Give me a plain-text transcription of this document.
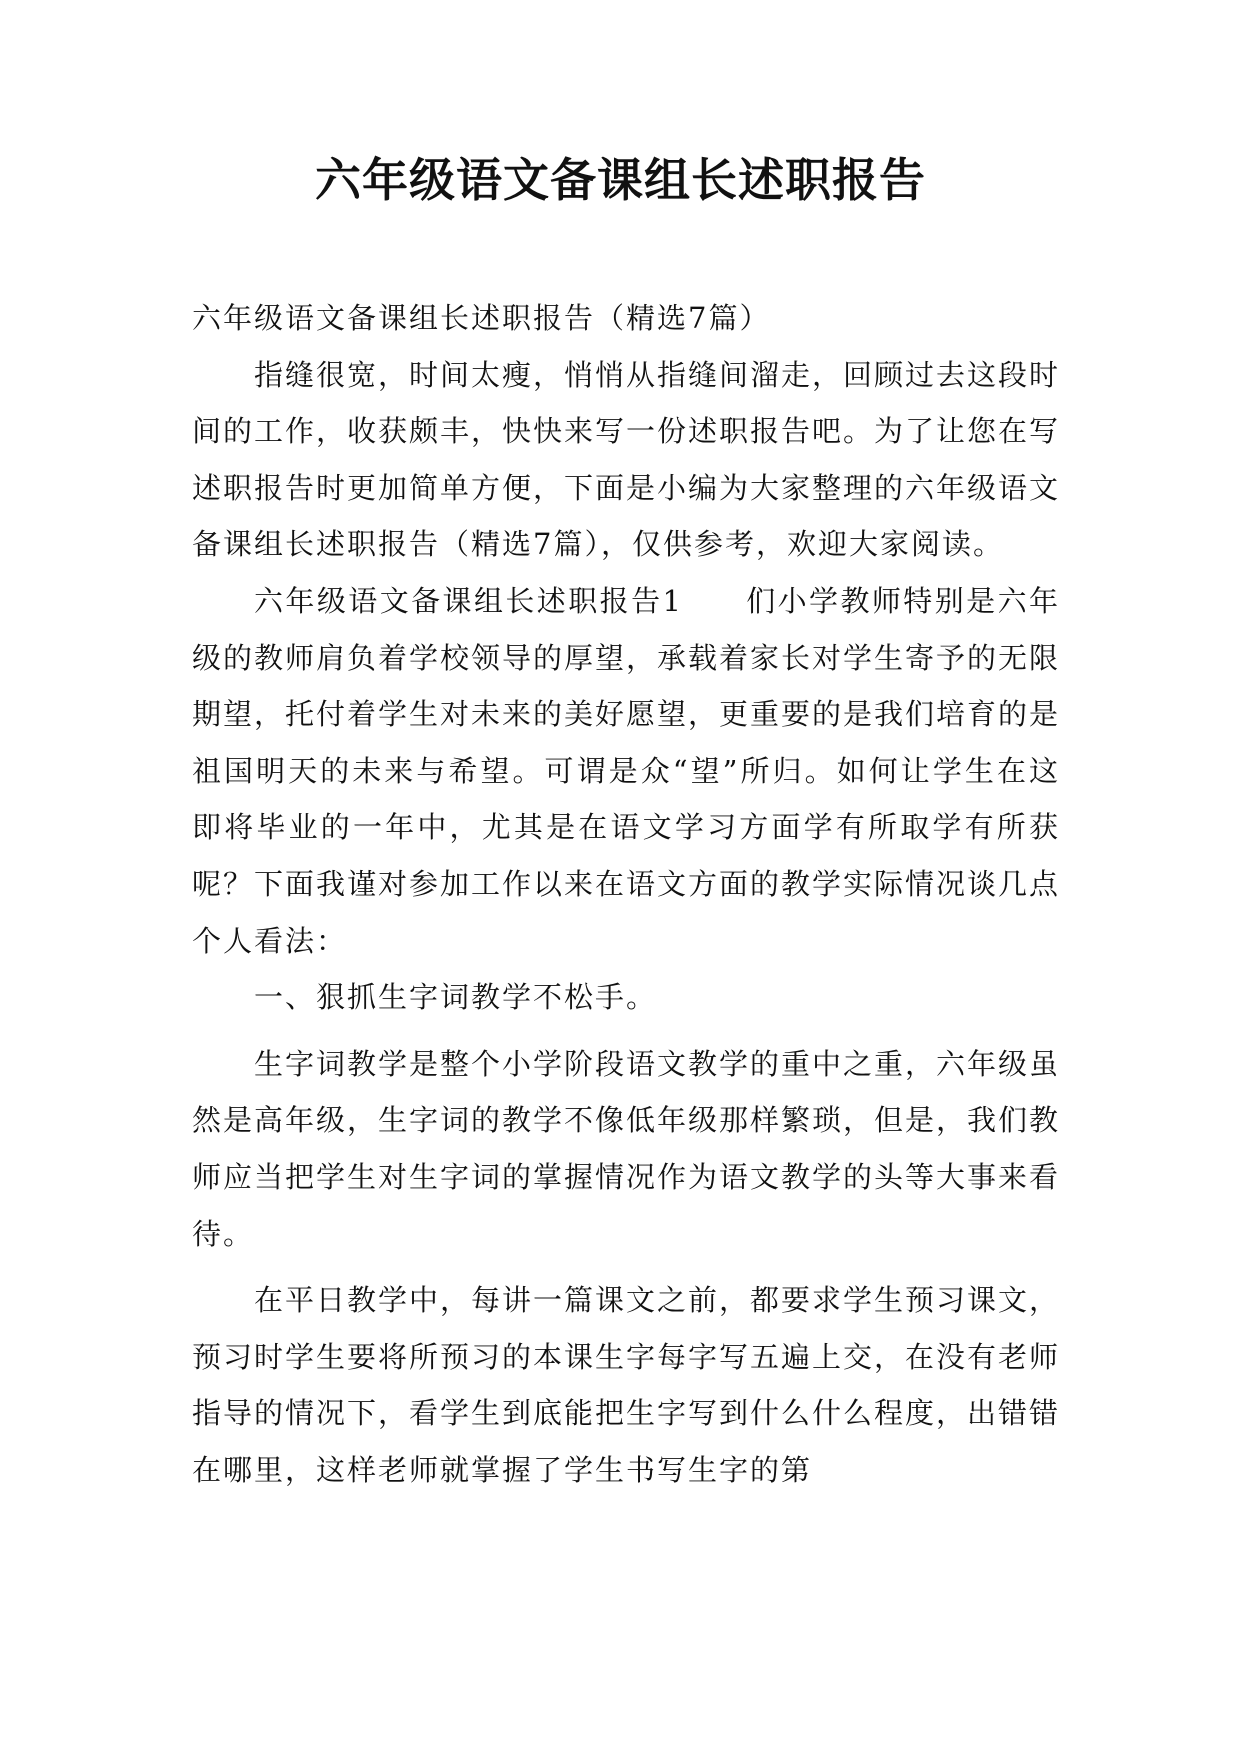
六年级语文备课组长述职报告

六年级语文备课组长述职报告（精选7篇）

指缝很宽，时间太瘦，悄悄从指缝间溜走，回顾过去这段时间的工作，收获颇丰，快快来写一份述职报告吧。为了让您在写述职报告时更加简单方便，下面是小编为大家整理的六年级语文备课组长述职报告（精选7篇），仅供参考，欢迎大家阅读。

六年级语文备课组长述职报告1　　们小学教师特别是六年级的教师肩负着学校领导的厚望，承载着家长对学生寄予的无限期望，托付着学生对未来的美好愿望，更重要的是我们培育的是祖国明天的未来与希望。可谓是众“望”所归。如何让学生在这即将毕业的一年中，尤其是在语文学习方面学有所取学有所获呢？下面我谨对参加工作以来在语文方面的教学实际情况谈几点个人看法：

一、狠抓生字词教学不松手。

生字词教学是整个小学阶段语文教学的重中之重，六年级虽然是高年级，生字词的教学不像低年级那样繁琐，但是，我们教师应当把学生对生字词的掌握情况作为语文教学的头等大事来看待。

在平日教学中，每讲一篇课文之前，都要求学生预习课文，预习时学生要将所预习的本课生字每字写五遍上交，在没有老师指导的情况下，看学生到底能把生字写到什么什么程度，出错错在哪里，这样老师就掌握了学生书写生字的第
